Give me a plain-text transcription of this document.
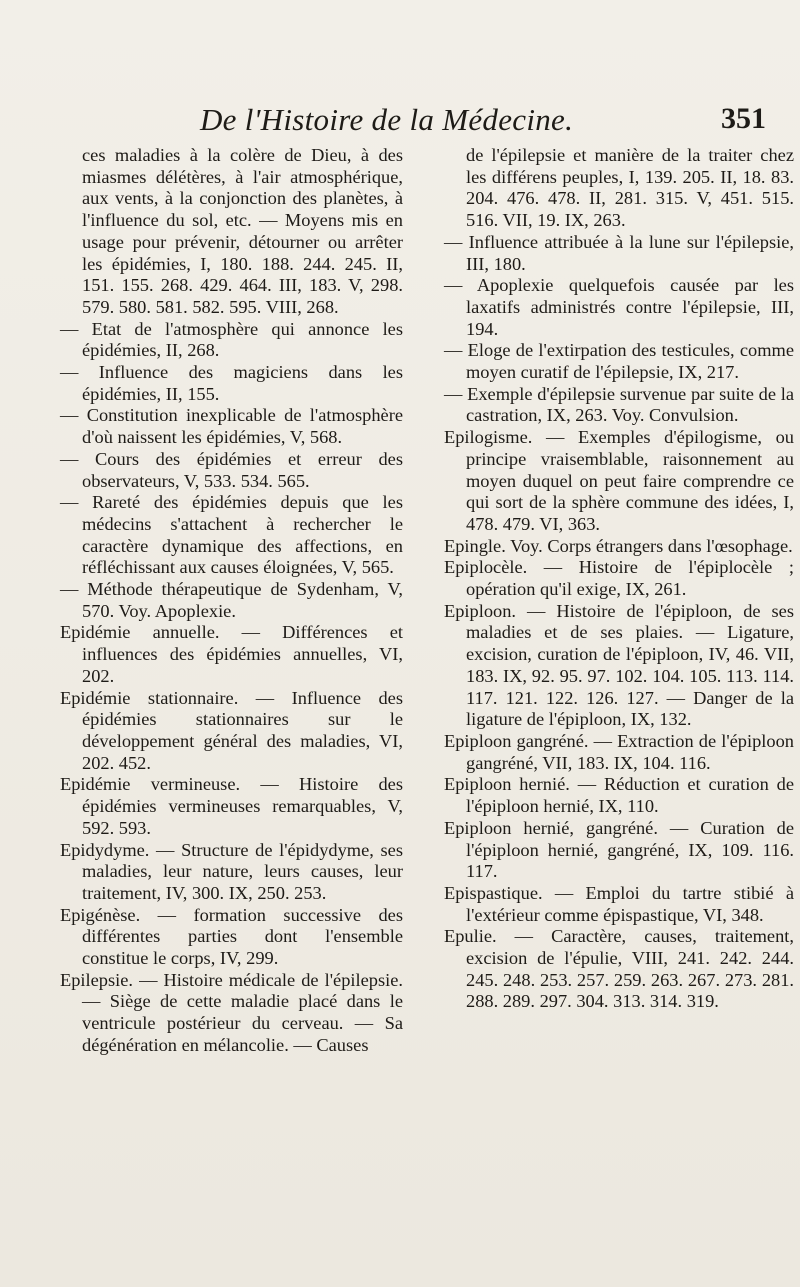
De l'Histoire de la Médecine.	351

ces maladies à la colère de Dieu, à des miasmes délétères, à l'air atmosphérique, aux vents, à la conjonction des planètes, à l'influence du sol, etc. — Moyens mis en usage pour prévenir, détourner ou arrêter les épidémies, I, 180. 188. 244. 245. II, 151. 155. 268. 429. 464. III, 183. V, 298. 579. 580. 581. 582. 595. VIII, 268.

— Etat de l'atmosphère qui annonce les épidémies, II, 268.

— Influence des magiciens dans les épidémies, II, 155.

— Constitution inexplicable de l'atmosphère d'où naissent les épidémies, V, 568.

— Cours des épidémies et erreur des observateurs, V, 533. 534. 565.

— Rareté des épidémies depuis que les médecins s'attachent à rechercher le caractère dynamique des affections, en réfléchissant aux causes éloignées, V, 565.

— Méthode thérapeutique de Sydenham, V, 570. Voy. Apoplexie.

Epidémie annuelle. — Différences et influences des épidémies annuelles, VI, 202.

Epidémie stationnaire. — Influence des épidémies stationnaires sur le développement général des maladies, VI, 202. 452.

Epidémie vermineuse. — Histoire des épidémies vermineuses remarquables, V, 592. 593.

Epidydyme. — Structure de l'épidydyme, ses maladies, leur nature, leurs causes, leur traitement, IV, 300. IX, 250. 253.

Epigénèse. — formation successive des différentes parties dont l'ensemble constitue le corps, IV, 299.

Epilepsie. — Histoire médicale de l'épilepsie. — Siège de cette maladie placé dans le ventricule postérieur du cerveau. — Sa dégénération en mélancolie. — Causes

de l'épilepsie et manière de la traiter chez les différens peuples, I, 139. 205. II, 18. 83. 204. 476. 478. II, 281. 315. V, 451. 515. 516. VII, 19. IX, 263.

— Influence attribuée à la lune sur l'épilepsie, III, 180.

— Apoplexie quelquefois causée par les laxatifs administrés contre l'épilepsie, III, 194.

— Eloge de l'extirpation des testicules, comme moyen curatif de l'épilepsie, IX, 217.

— Exemple d'épilepsie survenue par suite de la castration, IX, 263. Voy. Convulsion.

Epilogisme. — Exemples d'épilogisme, ou principe vraisemblable, raisonnement au moyen duquel on peut faire comprendre ce qui sort de la sphère commune des idées, I, 478. 479. VI, 363.

Epingle. Voy. Corps étrangers dans l'œsophage.

Epiplocèle. — Histoire de l'épiplocèle ; opération qu'il exige, IX, 261.

Epiploon. — Histoire de l'épiploon, de ses maladies et de ses plaies. — Ligature, excision, curation de l'épiploon, IV, 46. VII, 183. IX, 92. 95. 97. 102. 104. 105. 113. 114. 117. 121. 122. 126. 127. — Danger de la ligature de l'épiploon, IX, 132.

Epiploon gangréné. — Extraction de l'épiploon gangréné, VII, 183. IX, 104. 116.

Epiploon hernié. — Réduction et curation de l'épiploon hernié, IX, 110.

Epiploon hernié, gangréné. — Curation de l'épiploon hernié, gangréné, IX, 109. 116. 117.

Epispastique. — Emploi du tartre stibié à l'extérieur comme épispastique, VI, 348.

Epulie. — Caractère, causes, traitement, excision de l'épulie, VIII, 241. 242. 244. 245. 248. 253. 257. 259. 263. 267. 273. 281. 288. 289. 297. 304. 313. 314. 319.
